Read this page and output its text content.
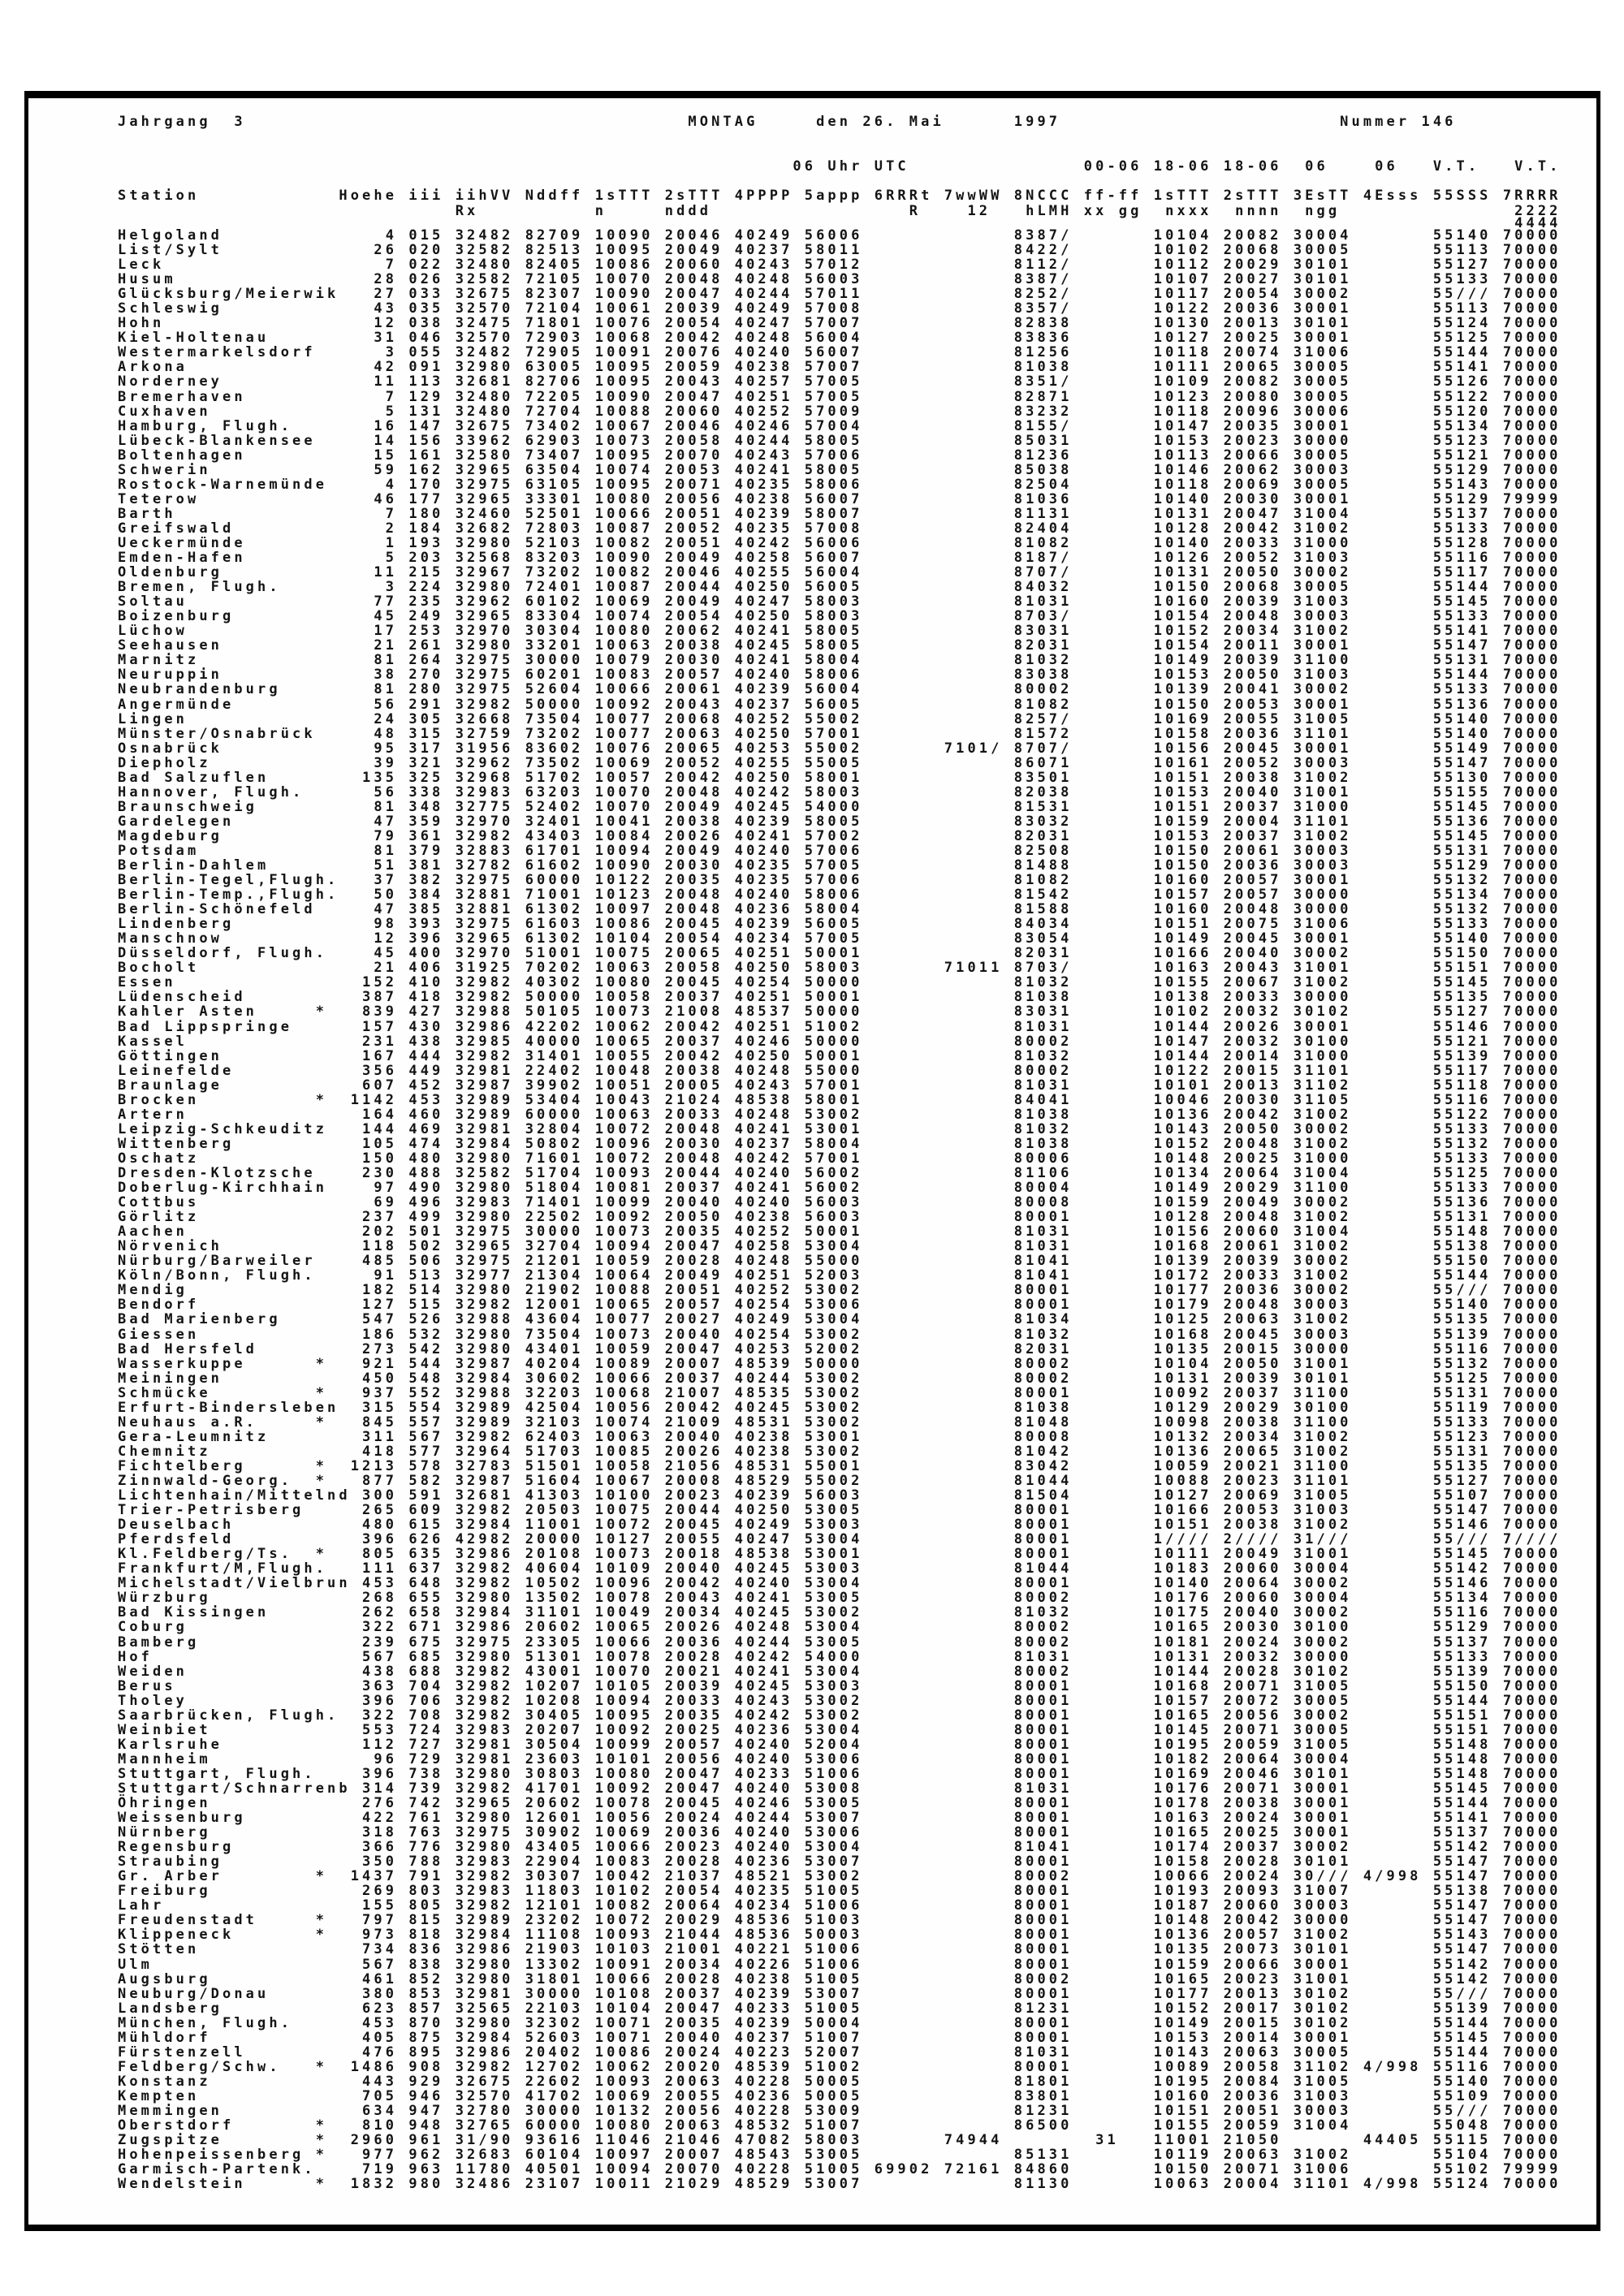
Jahrgang  3                                      MONTAG     den 26. Mai      1997                        Nummer 146
06 Uhr UTC               00-06 18-06 18-06  06    06   V.T.   V.T.
Station            Hoehe iii iihVV Nddff 1sTTT 2sTTT 4PPPP 5appp 6RRRt 7wwWW 8NCCC ff-ff 1sTTT 2sTTT 3EsTT 4Esss 55SSS 7RRRR
Rx          n     nddd                 R    12   hLMH xx gg  nxxx  nnnn  ngg               2222
4444
Helgoland              4 015 32482 82709 10090 20046 40249 56006             8387/       10104 20082 30004       55140 70000
List/Sylt             26 020 32582 82513 10095 20049 40237 58011             8422/       10102 20068 30005       55113 70000
Leck                   7 022 32480 82405 10086 20060 40243 57012             8112/       10112 20029 30101       55127 70000
Husum                 28 026 32582 72105 10070 20048 40248 56003             8387/       10107 20027 30101       55133 70000
Glücksburg/Meierwik   27 033 32675 82307 10090 20047 40244 57011             8252/       10117 20054 30002       55/// 70000
Schleswig             43 035 32570 72104 10061 20039 40249 57008             8357/       10122 20036 30001       55113 70000
Hohn                  12 038 32475 71801 10076 20054 40247 57007             82838       10130 20013 30101       55124 70000
Kiel-Holtenau         31 046 32570 72903 10068 20042 40248 56004             83836       10127 20025 30001       55125 70000
Westermarkelsdorf      3 055 32482 72905 10091 20076 40240 56007             81256       10118 20074 31006       55144 70000
Arkona                42 091 32980 63005 10095 20059 40238 57007             81038       10111 20065 30005       55141 70000
Norderney             11 113 32681 82706 10095 20043 40257 57005             8351/       10109 20082 30005       55126 70000
Bremerhaven            7 129 32480 72205 10090 20047 40251 57005             82871       10123 20080 30005       55122 70000
Cuxhaven               5 131 32480 72704 10088 20060 40252 57009             83232       10118 20096 30006       55120 70000
Hamburg, Flugh.       16 147 32675 73402 10067 20046 40246 57004             8155/       10147 20035 30001       55134 70000
Lübeck-Blankensee     14 156 33962 62903 10073 20058 40244 58005             85031       10153 20023 30000       55123 70000
Boltenhagen           15 161 32580 73407 10095 20070 40243 57006             81236       10113 20066 30005       55121 70000
Schwerin              59 162 32965 63504 10074 20053 40241 58005             85038       10146 20062 30003       55129 70000
Rostock-Warnemünde     4 170 32975 63105 10095 20071 40235 58006             82504       10118 20069 30005       55143 70000
Teterow               46 177 32965 33301 10080 20056 40238 56007             81036       10140 20030 30001       55129 79999
Barth                  7 180 32460 52501 10066 20051 40239 58007             81131       10131 20047 31004       55137 70000
Greifswald             2 184 32682 72803 10087 20052 40235 57008             82404       10128 20042 31002       55133 70000
Ueckermünde            1 193 32980 52103 10082 20051 40242 56006             81082       10140 20033 31000       55128 70000
Emden-Hafen            5 203 32568 83203 10090 20049 40258 56007             8187/       10126 20052 31003       55116 70000
Oldenburg             11 215 32967 73202 10082 20046 40255 56004             8707/       10131 20050 30002       55117 70000
Bremen, Flugh.         3 224 32980 72401 10087 20044 40250 56005             84032       10150 20068 30005       55144 70000
Soltau                77 235 32962 60102 10069 20049 40247 58003             81031       10160 20039 31003       55145 70000
Boizenburg            45 249 32965 83304 10074 20054 40250 58003             8703/       10154 20048 30003       55133 70000
Lüchow                17 253 32970 30304 10080 20062 40241 58005             83031       10152 20034 31002       55141 70000
Seehausen             21 261 32980 33201 10063 20038 40245 58005             82031       10154 20011 30001       55147 70000
Marnitz               81 264 32975 30000 10079 20030 40241 58004             81032       10149 20039 31100       55131 70000
Neuruppin             38 270 32975 60201 10083 20057 40240 58006             83038       10153 20050 31003       55144 70000
Neubrandenburg        81 280 32975 52604 10066 20061 40239 56004             80002       10139 20041 30002       55133 70000
Angermünde            56 291 32982 50000 10092 20043 40237 56005             81082       10150 20053 30001       55136 70000
Lingen                24 305 32668 73504 10077 20068 40252 55002             8257/       10169 20055 31005       55140 70000
Münster/Osnabrück     48 315 32759 73202 10077 20063 40250 57001             81572       10158 20036 31101       55140 70000
Osnabrück             95 317 31956 83602 10076 20065 40253 55002       7101/ 8707/       10156 20045 30001       55149 70000
Diepholz              39 321 32962 73502 10069 20052 40255 55005             86071       10161 20052 30003       55147 70000
Bad Salzuflen        135 325 32968 51702 10057 20042 40250 58001             83501       10151 20038 31002       55130 70000
Hannover, Flugh.      56 338 32983 63203 10070 20048 40242 58003             82038       10153 20040 31001       55155 70000
Braunschweig          81 348 32775 52402 10070 20049 40245 54000             81531       10151 20037 31000       55145 70000
Gardelegen            47 359 32970 32401 10041 20038 40239 58005             83032       10159 20004 31101       55136 70000
Magdeburg             79 361 32982 43403 10084 20026 40241 57002             82031       10153 20037 31002       55145 70000
Potsdam               81 379 32883 61701 10094 20049 40240 57006             82508       10150 20061 30003       55131 70000
Berlin-Dahlem         51 381 32782 61602 10090 20030 40235 57005             81488       10150 20036 30003       55129 70000
Berlin-Tegel,Flugh.   37 382 32975 60000 10122 20035 40235 57006             81082       10160 20057 30001       55132 70000
Berlin-Temp.,Flugh.   50 384 32881 71001 10123 20048 40240 58006             81542       10157 20057 30000       55134 70000
Berlin-Schönefeld     47 385 32881 61302 10097 20048 40236 58004             81588       10160 20048 30000       55132 70000
Lindenberg            98 393 32975 61603 10086 20045 40239 56005             84034       10151 20075 31006       55133 70000
Manschnow             12 396 32965 61302 10104 20054 40234 57005             83054       10149 20045 30001       55140 70000
Düsseldorf, Flugh.    45 400 32970 51001 10075 20065 40251 50001             82031       10166 20040 30002       55150 70000
Bocholt               21 406 31925 70202 10063 20058 40250 58003       71011 8703/       10163 20043 31001       55151 70000
Essen                152 410 32982 40302 10080 20045 40254 50000             81032       10155 20067 31002       55145 70000
Lüdenscheid          387 418 32982 50000 10058 20037 40251 50001             81038       10138 20033 30000       55135 70000
Kahler Asten     *   839 427 32988 50105 10073 21008 48537 50000             83031       10102 20032 30102       55127 70000
Bad Lippspringe      157 430 32986 42202 10062 20042 40251 51002             81031       10144 20026 30001       55146 70000
Kassel               231 438 32985 40000 10065 20037 40246 50000             80002       10147 20032 30100       55121 70000
Göttingen            167 444 32982 31401 10055 20042 40250 50001             81032       10144 20014 31000       55139 70000
Leinefelde           356 449 32981 22402 10048 20038 40248 55000             80002       10122 20015 31101       55117 70000
Braunlage            607 452 32987 39902 10051 20005 40243 57001             81031       10101 20013 31102       55118 70000
Brocken          *  1142 453 32989 53404 10043 21024 48538 58001             84041       10046 20030 31105       55116 70000
Artern               164 460 32989 60000 10063 20033 40248 53002             81038       10136 20042 31002       55122 70000
Leipzig-Schkeuditz   144 469 32981 32804 10072 20048 40241 53001             81032       10143 20050 30002       55133 70000
Wittenberg           105 474 32984 50802 10096 20030 40237 58004             81038       10152 20048 31002       55132 70000
Oschatz              150 480 32980 71601 10072 20048 40242 57001             80006       10148 20025 31000       55133 70000
Dresden-Klotzsche    230 488 32582 51704 10093 20044 40240 56002             81106       10134 20064 31004       55125 70000
Doberlug-Kirchhain    97 490 32980 51804 10081 20037 40241 56002             80004       10149 20029 31100       55133 70000
Cottbus               69 496 32983 71401 10099 20040 40240 56003             80008       10159 20049 30002       55136 70000
Görlitz              237 499 32980 22502 10092 20050 40238 56003             80001       10128 20048 31002       55131 70000
Aachen               202 501 32975 30000 10073 20035 40252 50001             81031       10156 20060 31004       55148 70000
Nörvenich            118 502 32965 32704 10094 20047 40258 53004             81031       10168 20061 31002       55138 70000
Nürburg/Barweiler    485 506 32975 21201 10059 20028 40248 55000             81041       10139 20039 30002       55150 70000
Köln/Bonn, Flugh.     91 513 32977 21304 10064 20049 40251 52003             81041       10172 20033 31002       55144 70000
Mendig               182 514 32980 21902 10088 20051 40252 53002             80001       10177 20036 30002       55/// 70000
Bendorf              127 515 32982 12001 10065 20057 40254 53006             80001       10179 20048 30003       55140 70000
Bad Marienberg       547 526 32988 43604 10077 20027 40249 53004             81034       10125 20063 31002       55135 70000
Giessen              186 532 32980 73504 10073 20040 40254 53002             81032       10168 20045 30003       55139 70000
Bad Hersfeld         273 542 32980 43401 10059 20047 40253 52002             82031       10135 20015 30000       55116 70000
Wasserkuppe      *   921 544 32987 40204 10089 20007 48539 50000             80002       10104 20050 31001       55132 70000
Meiningen            450 548 32984 30602 10066 20037 40244 53002             80002       10131 20039 30101       55125 70000
Schmücke         *   937 552 32988 32203 10068 21007 48535 53002             80001       10092 20037 31100       55131 70000
Erfurt-Bindersleben  315 554 32989 42504 10056 20042 40245 53002             81038       10129 20029 30100       55119 70000
Neuhaus a.R.     *   845 557 32989 32103 10074 21009 48531 53002             81048       10098 20038 31100       55133 70000
Gera-Leumnitz        311 567 32982 62403 10063 20040 40238 53001             80008       10132 20034 31002       55123 70000
Chemnitz             418 577 32964 51703 10085 20026 40238 53002             81042       10136 20065 31002       55131 70000
Fichtelberg      *  1213 578 32783 51501 10058 21056 48531 55001             83042       10059 20021 31100       55135 70000
Zinnwald-Georg.  *   877 582 32987 51604 10067 20008 48529 55002             81044       10088 20023 31101       55127 70000
Lichtenhain/Mittelnd 300 591 32681 41303 10100 20023 40239 56003             81504       10127 20069 31005       55107 70000
Trier-Petrisberg     265 609 32982 20503 10075 20044 40250 53005             80001       10166 20053 31003       55147 70000
Deuselbach           480 615 32984 11001 10072 20045 40249 53003             80001       10151 20038 31002       55146 70000
Pferdsfeld           396 626 42982 20000 10127 20055 40247 53004             80001       1//// 2//// 31///       55/// 7////
Kl.Feldberg/Ts.  *   805 635 32986 20108 10073 20018 48538 53001             80001       10111 20049 31001       55145 70000
Frankfurt/M,Flugh.   111 637 32982 40604 10109 20040 40245 53003             81044       10183 20060 30004       55142 70000
Michelstadt/Vielbrun 453 648 32982 10502 10096 20042 40240 53004             80001       10140 20064 30002       55146 70000
Würzburg             268 655 32980 13502 10078 20043 40241 53005             80002       10176 20060 30004       55134 70000
Bad Kissingen        262 658 32984 31101 10049 20034 40245 53002             81032       10175 20040 30002       55116 70000
Coburg               322 671 32986 20602 10065 20026 40248 53004             80002       10165 20030 30100       55129 70000
Bamberg              239 675 32975 23305 10066 20036 40244 53005             80002       10181 20024 30002       55137 70000
Hof                  567 685 32980 51301 10078 20028 40242 54000             81031       10131 20032 30000       55133 70000
Weiden               438 688 32982 43001 10070 20021 40241 53004             80002       10144 20028 30102       55139 70000
Berus                363 704 32982 10207 10105 20039 40245 53003             80001       10168 20071 31005       55150 70000
Tholey               396 706 32982 10208 10094 20033 40243 53002             80001       10157 20072 30005       55144 70000
Saarbrücken, Flugh.  322 708 32982 30405 10095 20035 40242 53002             80001       10165 20056 30002       55151 70000
Weinbiet             553 724 32983 20207 10092 20025 40236 53004             80001       10145 20071 30005       55151 70000
Karlsruhe            112 727 32981 30504 10099 20057 40240 52004             80001       10195 20059 31005       55148 70000
Mannheim              96 729 32981 23603 10101 20056 40240 53006             80001       10182 20064 30004       55148 70000
Stuttgart, Flugh.    396 738 32980 30803 10080 20047 40233 51006             80001       10169 20046 30101       55148 70000
Stuttgart/Schnarrenb 314 739 32982 41701 10092 20047 40240 53008             81031       10176 20071 30001       55145 70000
Öhringen             276 742 32965 20602 10078 20045 40246 53005             80001       10178 20038 30001       55144 70000
Weissenburg          422 761 32980 12601 10056 20024 40244 53007             80001       10163 20024 30001       55141 70000
Nürnberg             318 763 32975 30902 10069 20036 40240 53006             80001       10165 20025 30001       55137 70000
Regensburg           366 776 32980 43405 10066 20023 40240 53004             81041       10174 20037 30002       55142 70000
Straubing            350 788 32983 22904 10083 20028 40236 53007             80001       10158 20028 30101       55147 70000
Gr. Arber        *  1437 791 32982 30307 10042 21037 48521 53002             80002       10066 20024 30/// 4/998 55147 70000
Freiburg             269 803 32983 11803 10102 20054 40235 51005             80001       10193 20093 31007       55138 70000
Lahr                 155 805 32982 12101 10082 20064 40234 51006             80001       10187 20060 30003       55147 70000
Freudenstadt     *   797 815 32989 23202 10072 20029 48536 51003             80001       10148 20042 30000       55147 70000
Klippeneck       *   973 818 32984 11108 10093 21044 48536 50003             80001       10136 20057 31002       55143 70000
Stötten              734 836 32986 21903 10103 21001 40221 51006             80001       10135 20073 30101       55147 70000
Ulm                  567 838 32980 13302 10091 20034 40226 51006             80001       10159 20066 30001       55142 70000
Augsburg             461 852 32980 31801 10066 20028 40238 51005             80002       10165 20023 31001       55142 70000
Neuburg/Donau        380 853 32981 30000 10108 20037 40239 53007             80001       10177 20013 30102       55/// 70000
Landsberg            623 857 32565 22103 10104 20047 40233 51005             81231       10152 20017 30102       55139 70000
München, Flugh.      453 870 32980 32302 10071 20035 40239 50004             80001       10149 20015 30102       55144 70000
Mühldorf             405 875 32984 52603 10071 20040 40237 51007             80001       10153 20014 30001       55145 70000
Fürstenzell          476 895 32986 20402 10086 20024 40223 52007             81031       10143 20063 30005       55144 70000
Feldberg/Schw.   *  1486 908 32982 12702 10062 20020 48539 51002             80001       10089 20058 31102 4/998 55116 70000
Konstanz             443 929 32675 22602 10093 20063 40228 50005             81801       10195 20084 31005       55140 70000
Kempten              705 946 32570 41702 10069 20055 40236 50005             83801       10160 20036 31003       55109 70000
Memmingen            634 947 32780 30000 10132 20056 40228 53009             81231       10151 20051 30003       55/// 70000
Oberstdorf       *   810 948 32765 60000 10080 20063 48532 51007             86500       10155 20059 31004       55048 70000
Zugspitze        *  2960 961 31/90 93616 11046 21046 47082 58003       74944        31   11001 21050       44405 55115 70000
Hohenpeissenberg *   977 962 32683 60104 10097 20007 48543 53005             85131       10119 20063 31002       55104 70000
Garmisch-Partenk.    719 963 11780 40501 10094 20070 40228 51005 69902 72161 84860       10150 20071 31006       55102 79999
Wendelstein      *  1832 980 32486 23107 10011 21029 48529 53007             81130       10063 20004 31101 4/998 55124 70000
